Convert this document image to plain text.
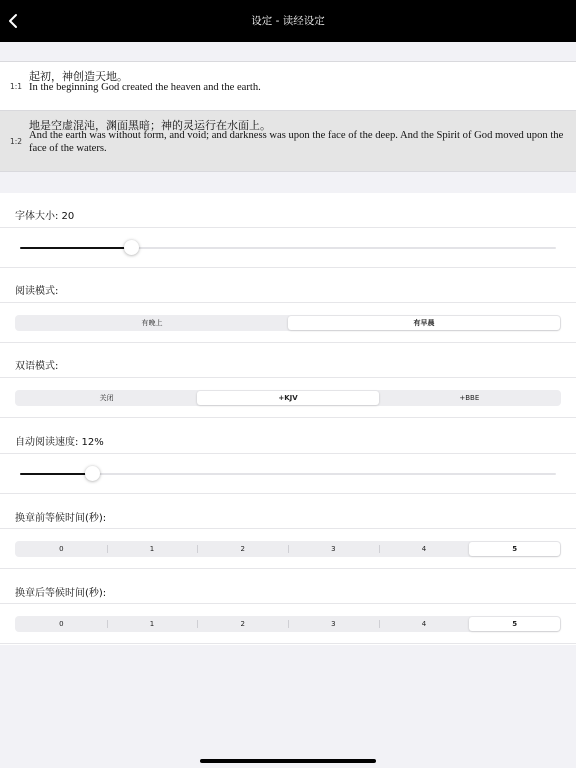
设定 - 读经设定
1:1
起初，神创造天地。
In the beginning God created the heaven and the earth.
1:2
地是空虚混沌，渊面黑暗；神的灵运行在水面上。
And the earth was without form, and void; and darkness was upon the face of the deep. And the Spirit of God moved upon the face of the waters.
字体大小: 20
阅读模式:
有晚上	有早晨
双语模式:
关闭	+KJV	+BBE
自动阅读速度: 12%
换章前等候时间(秒):
0	1	2	3	4	5
换章后等候时间(秒):
0	1	2	3	4	5
